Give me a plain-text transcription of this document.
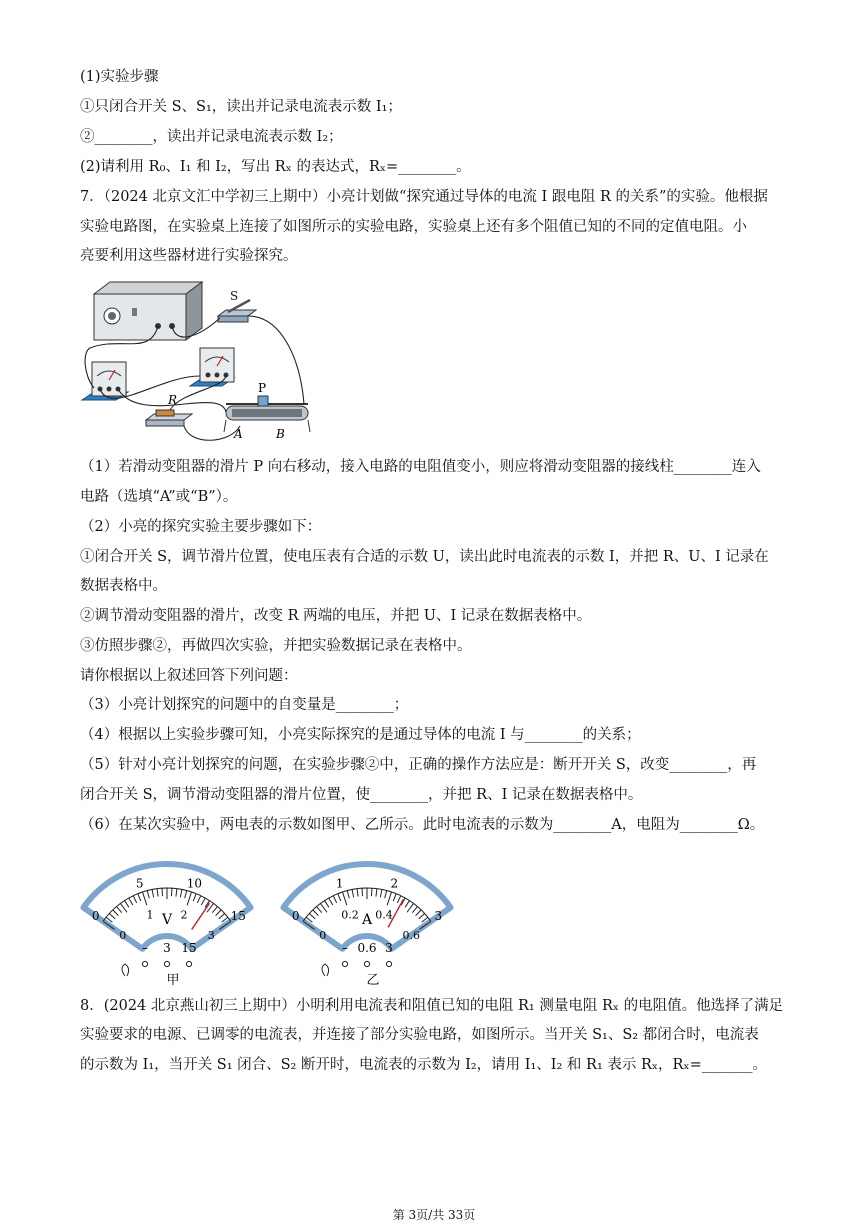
(1)实验步骤
①只闭合开关 S、S₁，读出并记录电流表示数 I₁；
②________，读出并记录电流表示数 I₂；
(2)请利用 R₀、I₁ 和 I₂，写出 Rₓ 的表达式，Rₓ=________。
7．（2024 北京文汇中学初三上期中）小亮计划做“探究通过导体的电流 I 跟电阻 R 的关系”的实验。他根据
实验电路图，在实验桌上连接了如图所示的实验电路，实验桌上还有多个阻值已知的不同的定值电阻。小
亮要利用这些器材进行实验探究。
S
R
P
A	B
（1）若滑动变阻器的滑片 P 向右移动，接入电路的电阻值变小，则应将滑动变阻器的接线柱________连入
电路（选填“A”或“B”）。
（2）小亮的探究实验主要步骤如下：
①闭合开关 S，调节滑片位置，使电压表有合适的示数 U，读出此时电流表的示数 I，并把 R、U、I 记录在
数据表格中。
②调节滑动变阻器的滑片，改变 R 两端的电压，并把 U、I 记录在数据表格中。
③仿照步骤②，再做四次实验，并把实验数据记录在表格中。
请你根据以上叙述回答下列问题：
（3）小亮计划探究的问题中的自变量是________；
（4）根据以上实验步骤可知，小亮实际探究的是通过导体的电流 I 与________的关系；
（5）针对小亮计划探究的问题，在实验步骤②中，正确的操作方法应是：断开开关 S，改变________，再
闭合开关 S，调节滑动变阻器的滑片位置，使________，并把 R、I 记录在数据表格中。
（6）在某次实验中，两电表的示数如图甲、乙所示。此时电流表的示数为________A，电阻为________Ω。
0
5	10
15
0
1 2
3
V
– 3 15
甲
0
1	2
3
0
0.2 0.4
0.6
A
– 0.6 3
乙
8．(2024 北京燕山初三上期中）小明利用电流表和阻值已知的电阻 R₁ 测量电阻 Rₓ 的电阻值。他选择了满足
实验要求的电源、已调零的电流表，并连接了部分实验电路，如图所示。当开关 S₁、S₂ 都闭合时，电流表
的示数为 I₁，当开关 S₁ 闭合、S₂ 断开时，电流表的示数为 I₂，请用 I₁、I₂ 和 R₁ 表示 Rₓ，Rₓ=_______。
第 3页/共 33页
